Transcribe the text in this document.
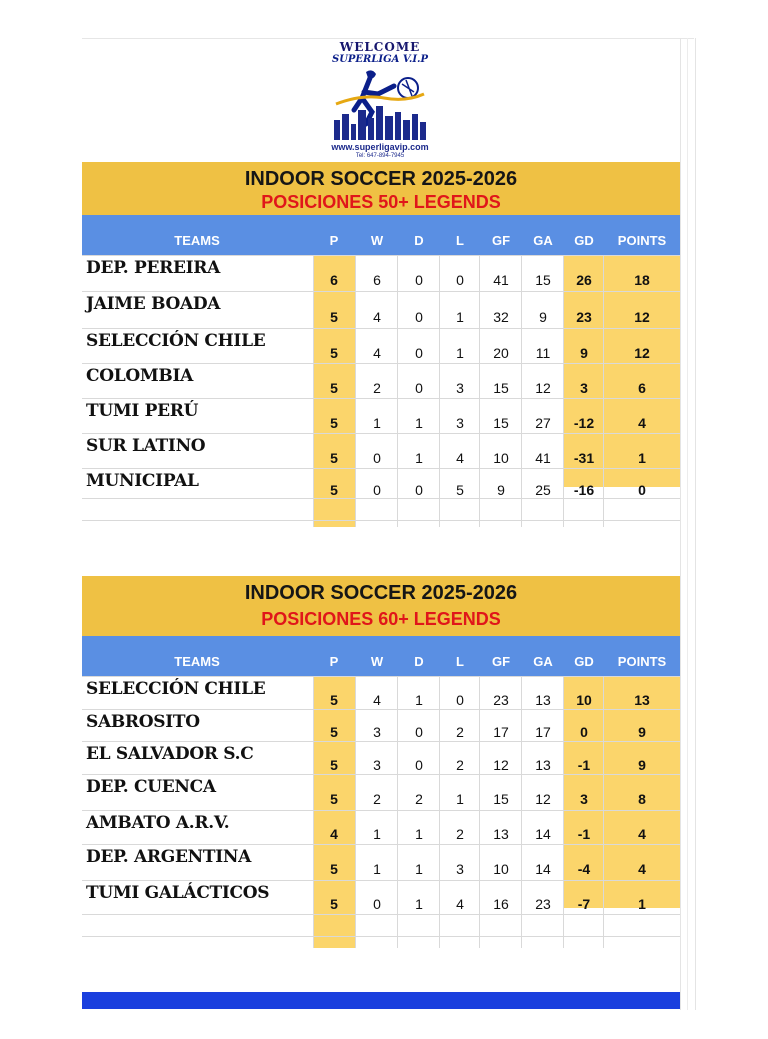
WELCOME
SUPERLIGA V.I.P
www.superligavip.com
Tel: 647-894-7945
INDOOR SOCCER 2025-2026
POSICIONES 50+ LEGENDS
TEAMS	P	W	D	L	GF	GA	GD	POINTS
DEP. PEREIRA
6	6	0	0	41	15	26	18
JAIME BOADA
5	4	0	1	32	9	23	12
SELECCIÓN CHILE
5	4	0	1	20	11	9	12
COLOMBIA
5	2	0	3	15	12	3	6
TUMI PERÚ
5	1	1	3	15	27	-12	4
SUR LATINO
5	0	1	4	10	41	-31	1
MUNICIPAL	5	0	0	5	9	25	-16	0
INDOOR SOCCER 2025-2026
POSICIONES 60+ LEGENDS
TEAMS	P	W	D	L	GF	GA	GD	POINTS
SELECCIÓN CHILE
5	4	1	0	23	13	10	13
SABROSITO	5	3	0	2	17	17	0	9
EL SALVADOR S.C
5	3	0	2	12	13	-1	9
DEP. CUENCA
5	2	2	1	15	12	3	8
AMBATO A.R.V.
4	1	1	2	13	14	-1	4
DEP. ARGENTINA
5	1	1	3	10	14	-4	4
TUMI GALÁCTICOS
5	0	1	4	16	23	-7	1
